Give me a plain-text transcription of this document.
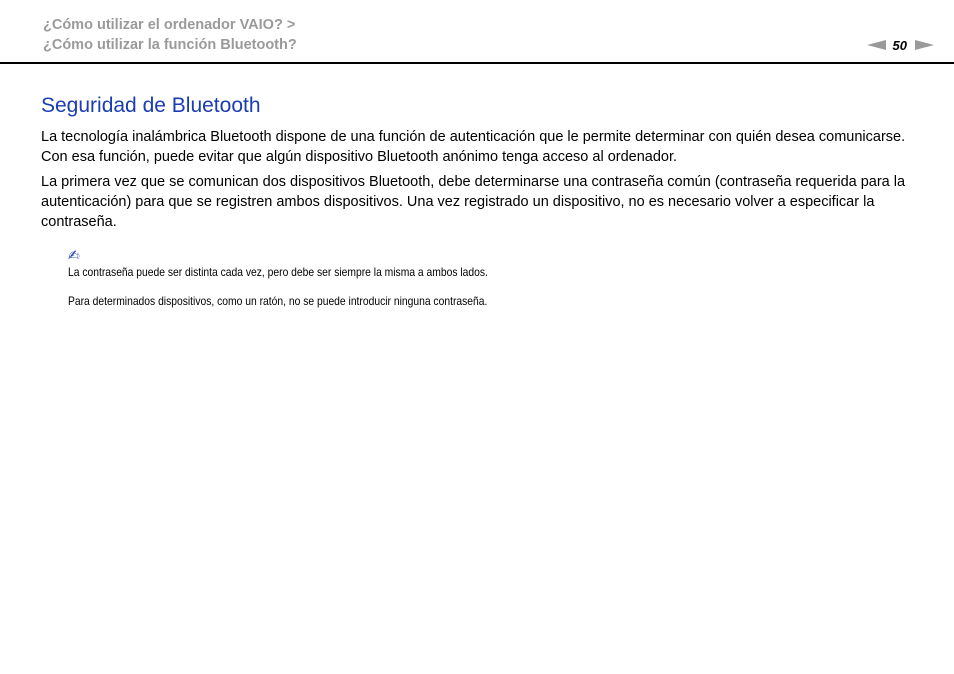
¿Cómo utilizar el ordenador VAIO? >
¿Cómo utilizar la función Bluetooth?	50
Seguridad de Bluetooth

La tecnología inalámbrica Bluetooth dispone de una función de autenticación que le permite determinar con quién desea comunicarse. Con esa función, puede evitar que algún dispositivo Bluetooth anónimo tenga acceso al ordenador.

La primera vez que se comunican dos dispositivos Bluetooth, debe determinarse una contraseña común (contraseña requerida para la autenticación) para que se registren ambos dispositivos. Una vez registrado un dispositivo, no es necesario volver a especificar la contraseña.

✍

La contraseña puede ser distinta cada vez, pero debe ser siempre la misma a ambos lados.

Para determinados dispositivos, como un ratón, no se puede introducir ninguna contraseña.
